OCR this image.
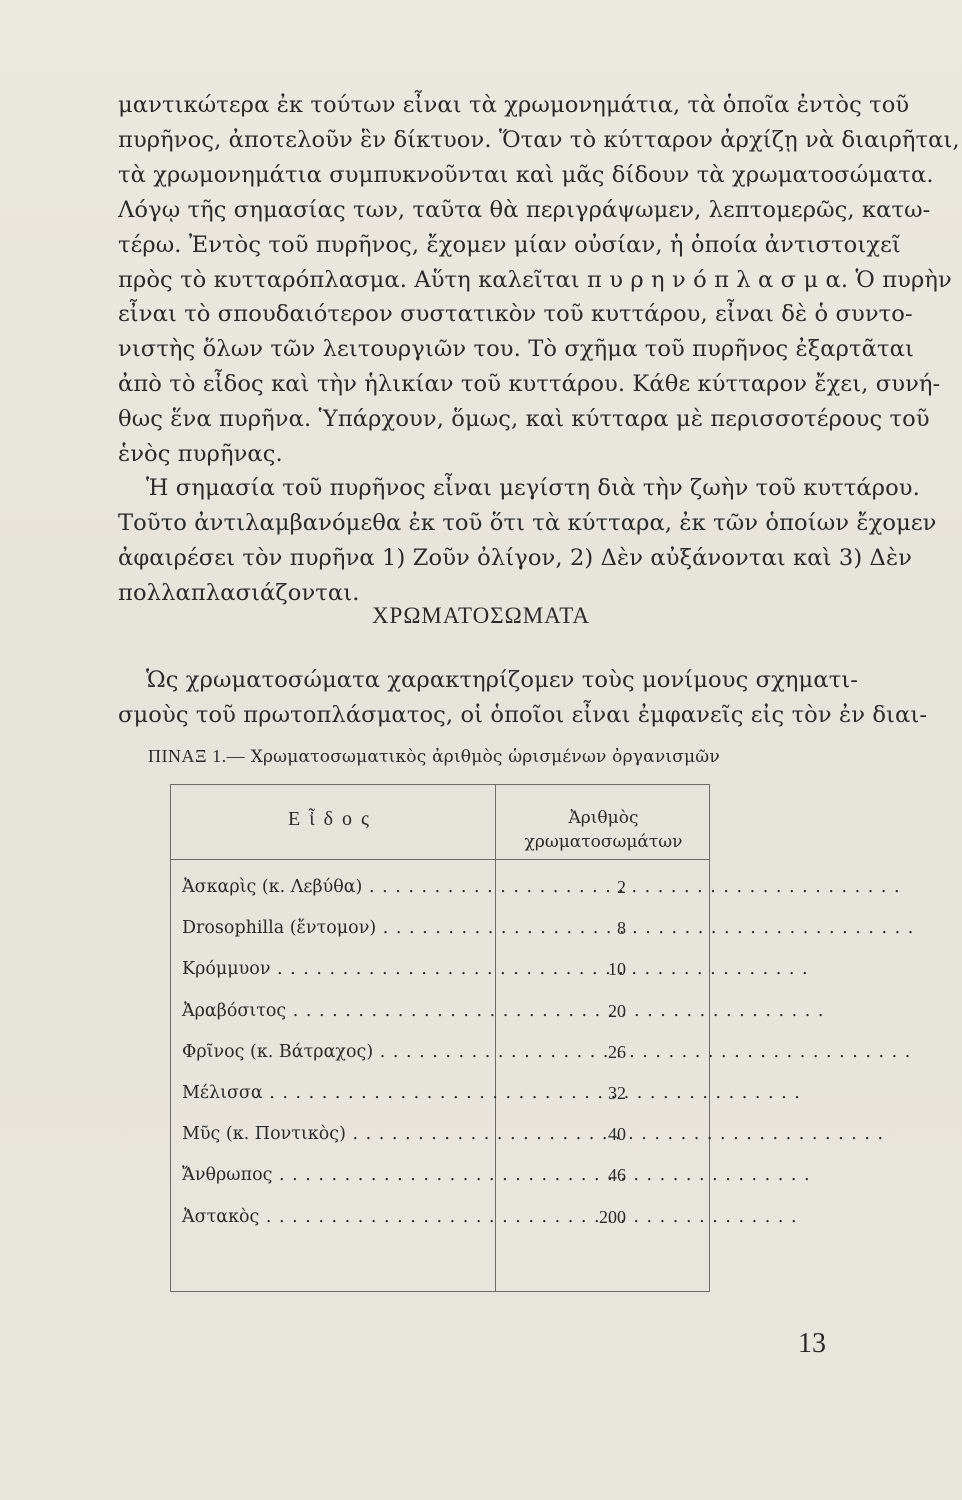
μαντικώτερα ἐκ τούτων εἶναι τὰ χρωμονημάτια, τὰ ὁποῖα ἐντὸς τοῦ
πυρῆνος, ἀποτελοῦν ἓν δίκτυον. Ὅταν τὸ κύτταρον ἀρχίζῃ νὰ διαιρῆται,
τὰ χρωμονημάτια συμπυκνοῦνται καὶ μᾶς δίδουν τὰ χρωματοσώματα.
Λόγῳ τῆς σημασίας των, ταῦτα θὰ περιγράψωμεν, λεπτομερῶς, κατω-
τέρω. Ἐντὸς τοῦ πυρῆνος, ἔχομεν μίαν οὐσίαν, ἡ ὁποία ἀντιστοιχεῖ
πρὸς τὸ κυτταρόπλασμα. Αὕτη καλεῖται π υ ρ η ν ό π λ α σ μ α. Ὁ πυρὴν
εἶναι τὸ σπουδαιότερον συστατικὸν τοῦ κυττάρου, εἶναι δὲ ὁ συντο-
νιστὴς ὅλων τῶν λειτουργιῶν του. Τὸ σχῆμα τοῦ πυρῆνος ἐξαρτᾶται
ἀπὸ τὸ εἶδος καὶ τὴν ἡλικίαν τοῦ κυττάρου. Κάθε κύτταρον ἔχει, συνή-
θως ἕνα πυρῆνα. Ὑπάρχουν, ὅμως, καὶ κύτταρα μὲ περισσοτέρους τοῦ
ἑνὸς πυρῆνας.
Ἡ σημασία τοῦ πυρῆνος εἶναι μεγίστη διὰ τὴν ζωὴν τοῦ κυττάρου.
Τοῦτο ἀντιλαμβανόμεθα ἐκ τοῦ ὅτι τὰ κύτταρα, ἐκ τῶν ὁποίων ἔχομεν
ἀφαιρέσει τὸν πυρῆνα 1) Ζοῦν ὀλίγον, 2) Δὲν αὐξάνονται καὶ 3) Δὲν
πολλαπλασιάζονται.
ΧΡΩΜΑΤΟΣΩΜΑΤΑ
Ὡς χρωματοσώματα χαρακτηρίζομεν τοὺς μονίμους σχηματι-
σμοὺς τοῦ πρωτοπλάσματος, οἱ ὁποῖοι εἶναι ἐμφανεῖς εἰς τὸν ἐν διαι-
ΠΙΝΑΞ 1.— Χρωματοσωματικὸς ἀριθμὸς ὡρισμένων ὀργανισμῶν
Εἶδος	Ἀριθμὸς
χρωματοσωμάτων
Ἀσκαρὶς (κ. Λεβύθα) . . .	2
Drosophilla (ἔντομον) . . .	8
Κρόμμυον . . .	10
Ἀραβόσιτος . . .	20
Φρῖνος (κ. Βάτραχος) . . .	26
Μέλισσα . . .	32
Μῦς (κ. Ποντικὸς) . . .	40
Ἄνθρωπος . . .	46
Ἀστακὸς . . .	200
13
